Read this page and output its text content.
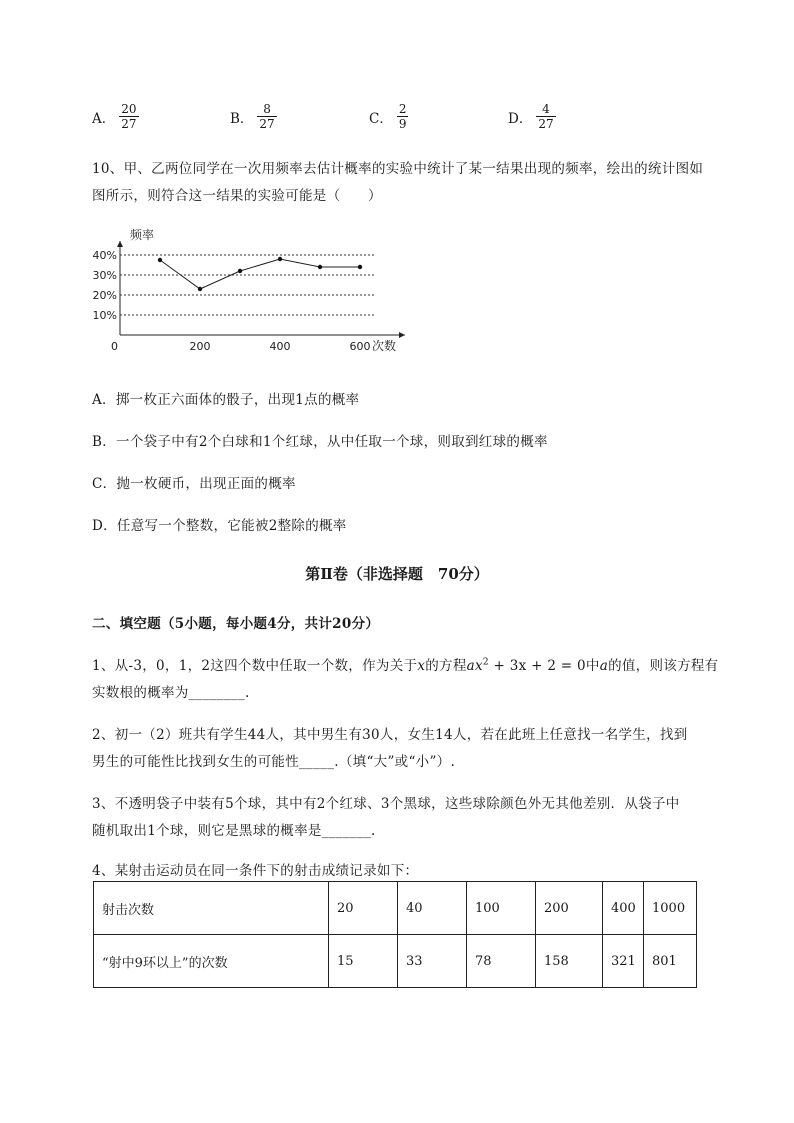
A． $\frac{20}{27}$	B． $\frac{8}{27}$	C． $\frac{2}{9}$	D． $\frac{4}{27}$
10、甲、乙两位同学在一次用频率去估计概率的实验中统计了某一结果出现的频率，绘出的统计图如
图所示，则符合这一结果的实验可能是（　　）
10%
20%
30%
40%
0	200	400	600
频率
次数
A．掷一枚正六面体的骰子，出现1点的概率
B．一个袋子中有2个白球和1个红球，从中任取一个球，则取到红球的概率
C．抛一枚硬币，出现正面的概率
D．任意写一个整数，它能被2整除的概率
第Ⅱ卷（非选择题　70分）
二、填空题（5小题，每小题4分，共计20分）
1、从-3，0，1，2这四个数中任取一个数，作为关于x的方程$ax^2 + 3x + 2 = 0$中a的值，则该方程有
实数根的概率为________.
2、初一（2）班共有学生44人，其中男生有30人，女生14人，若在此班上任意找一名学生，找到
男生的可能性比找到女生的可能性_____.（填“大”或“小”）.
3、不透明袋子中装有5个球，其中有2个红球、3个黑球，这些球除颜色外无其他差别．从袋子中
随机取出1个球，则它是黑球的概率是_______.
4、某射击运动员在同一条件下的射击成绩记录如下：
射击次数	20	40	100	200	400	1000
“射中9环以上”的次数	15	33	78	158	321	801
